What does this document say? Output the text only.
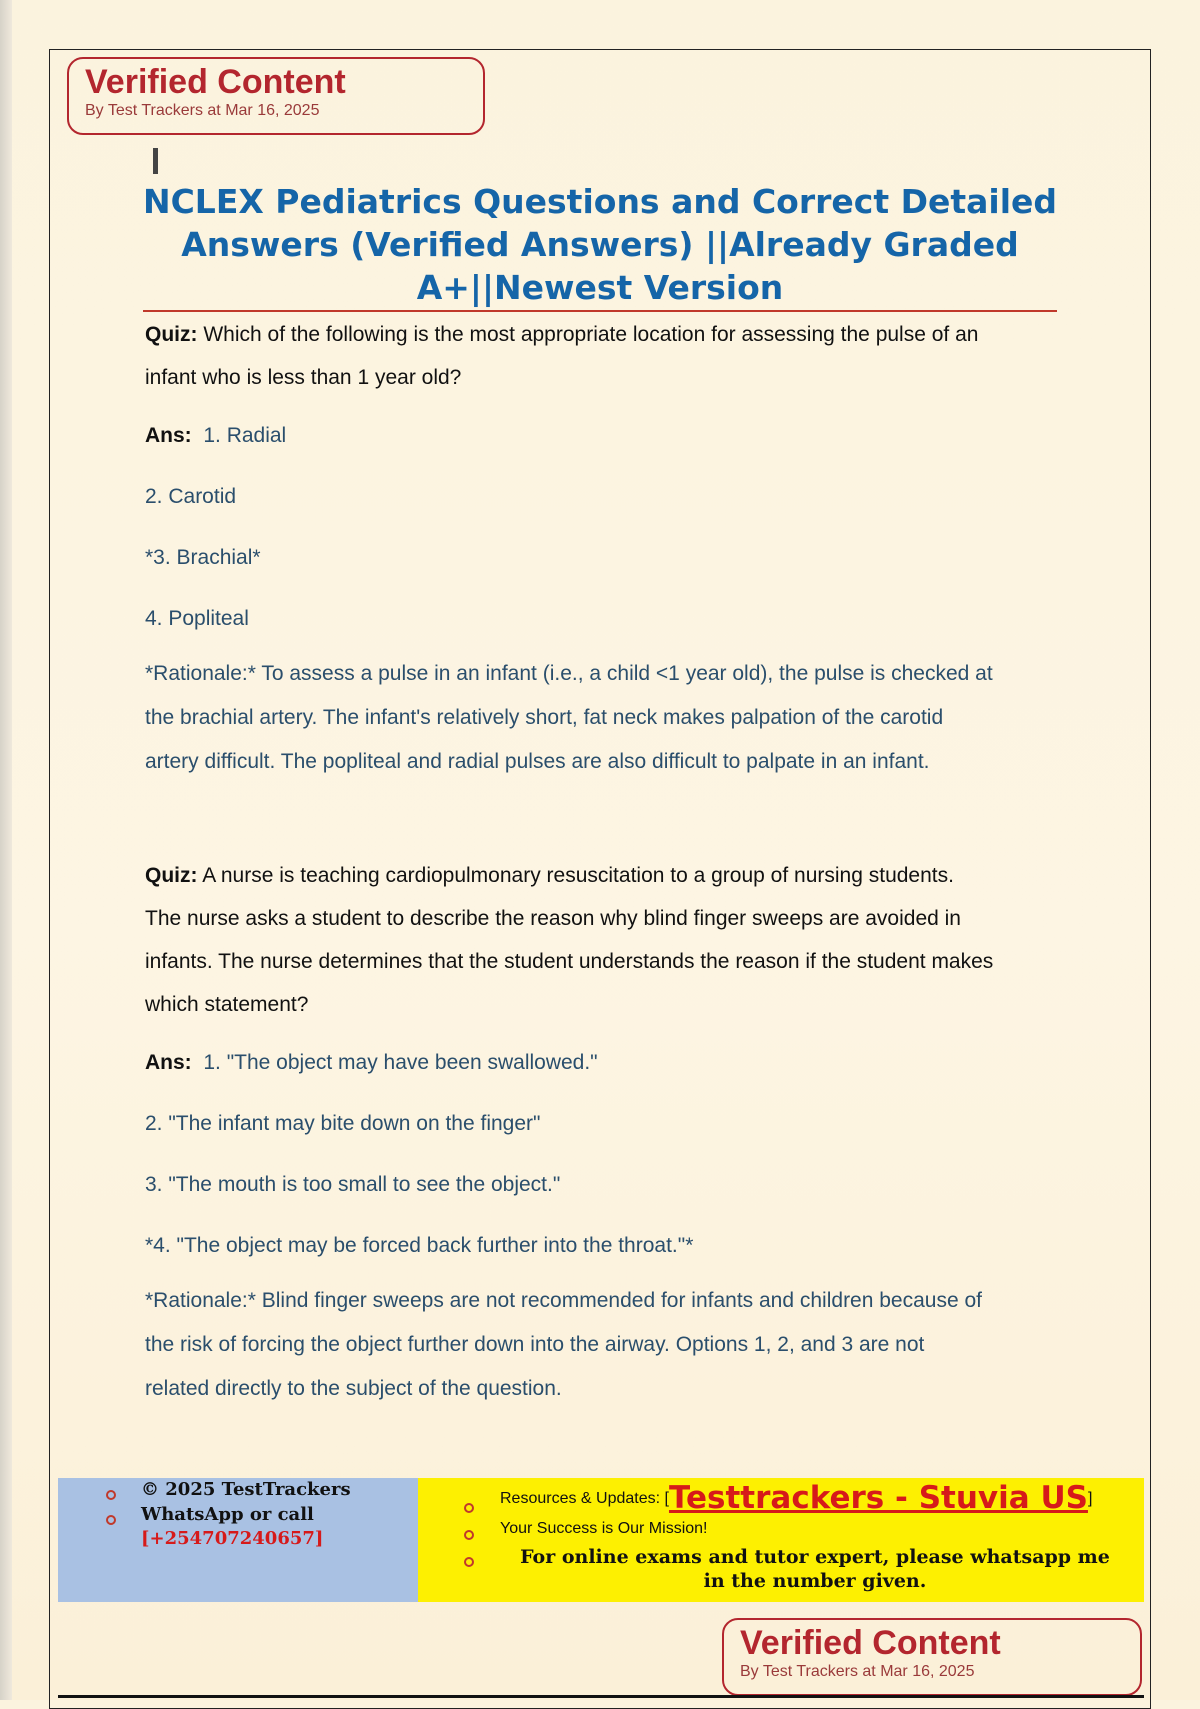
Verified Content
By Test Trackers at Mar 16, 2025
NCLEX Pediatrics Questions and Correct Detailed
Answers (Verified Answers) ||Already Graded
A+||Newest Version

Quiz: Which of the following is the most appropriate location for assessing the pulse of an

infant who is less than 1 year old?

Ans: 1. Radial

2. Carotid

*3. Brachial*

4. Popliteal

*Rationale:* To assess a pulse in an infant (i.e., a child <1 year old), the pulse is checked at

the brachial artery. The infant's relatively short, fat neck makes palpation of the carotid

artery difficult. The popliteal and radial pulses are also difficult to palpate in an infant.

Quiz: A nurse is teaching cardiopulmonary resuscitation to a group of nursing students.

The nurse asks a student to describe the reason why blind finger sweeps are avoided in

infants. The nurse determines that the student understands the reason if the student makes

which statement?

Ans: 1. "The object may have been swallowed."

2. "The infant may bite down on the finger"

3. "The mouth is too small to see the object."

*4. "The object may be forced back further into the throat."*

*Rationale:* Blind finger sweeps are not recommended for infants and children because of

the risk of forcing the object further down into the airway. Options 1, 2, and 3 are not

related directly to the subject of the question.

© 2025 TestTrackers
WhatsApp or call
[+254707240657]
Resources & Updates: [Testtrackers - Stuvia US]
Your Success is Our Mission!
For online exams and tutor expert, please whatsapp me
in the number given.
Verified Content
By Test Trackers at Mar 16, 2025
